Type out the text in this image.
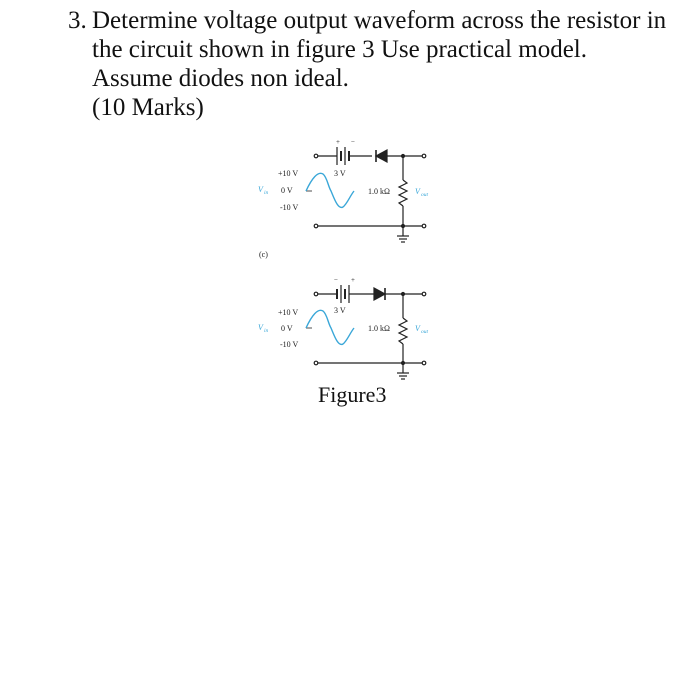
3. Determine voltage output waveform across the resistor in
the circuit shown in figure 3 Use practical model.
Assume diodes non ideal.
(10 Marks)
+10 V
0 V
-10 V
V in
+ −
3 V
1.0 kΩ	V out
(c)
+10 V
0 V
-10 V
V in
− +
3 V
1.0 kΩ	V out
Figure3
